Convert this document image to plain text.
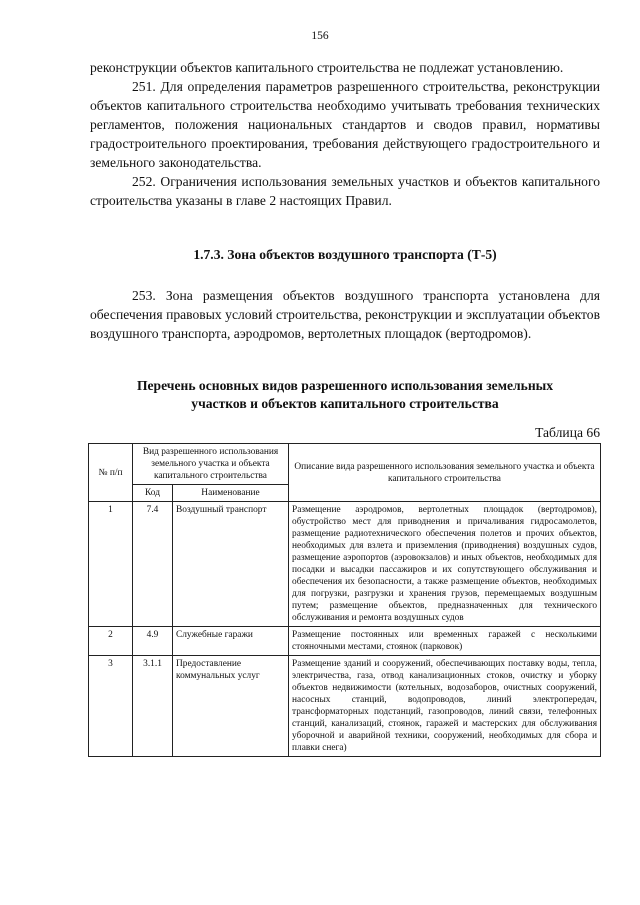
156

реконструкции объектов капитального строительства не подлежат установлению.

251. Для определения параметров разрешенного строительства, реконструкции объектов капитального строительства необходимо учитывать требования технических регламентов, положения национальных стандартов и сводов правил, нормативы градостроительного проектирования, требования действующего градостроительного и земельного законодательства.

252. Ограничения использования земельных участков и объектов капитального строительства указаны в главе 2 настоящих Правил.

1.7.3. Зона объектов воздушного транспорта (Т-5)

253. Зона размещения объектов воздушного транспорта установлена для обеспечения правовых условий строительства, реконструкции и эксплуатации объектов воздушного транспорта, аэродромов, вертолетных площадок (вертодромов).

Перечень основных видов разрешенного использования земельных
участков и объектов капитального строительства
Таблица 66
№ п/п	Вид разрешенного использования земельного участка и объекта капитального строительства		Описание вида разрешенного использования земельного участка и объекта капитального строительства
	Код	Наименование	
1	7.4	Воздушный транспорт	Размещение аэродромов, вертолетных площадок (вертодромов), обустройство мест для приводнения и причаливания гидросамолетов, размещение радиотехнического обеспечения полетов и прочих объектов, необходимых для взлета и приземления (приводнения) воздушных судов, размещение аэропортов (аэровокзалов) и иных объектов, необходимых для посадки и высадки пассажиров и их сопутствующего обслуживания и обеспечения их безопасности, а также размещение объектов, необходимых для погрузки, разгрузки и хранения грузов, перемещаемых воздушным путем; размещение объектов, предназначенных для технического обслуживания и ремонта воздушных судов
2	4.9	Служебные гаражи	Размещение постоянных или временных гаражей с несколькими стояночными местами, стоянок (парковок)
3	3.1.1	Предоставление коммунальных услуг	Размещение зданий и сооружений, обеспечивающих поставку воды, тепла, электричества, газа, отвод канализационных стоков, очистку и уборку объектов недвижимости (котельных, водозаборов, очистных сооружений, насосных станций, водопроводов, линий электропередач, трансформаторных подстанций, газопроводов, линий связи, телефонных станций, канализаций, стоянок, гаражей и мастерских для обслуживания уборочной и аварийной техники, сооружений, необходимых для сбора и плавки снега)
